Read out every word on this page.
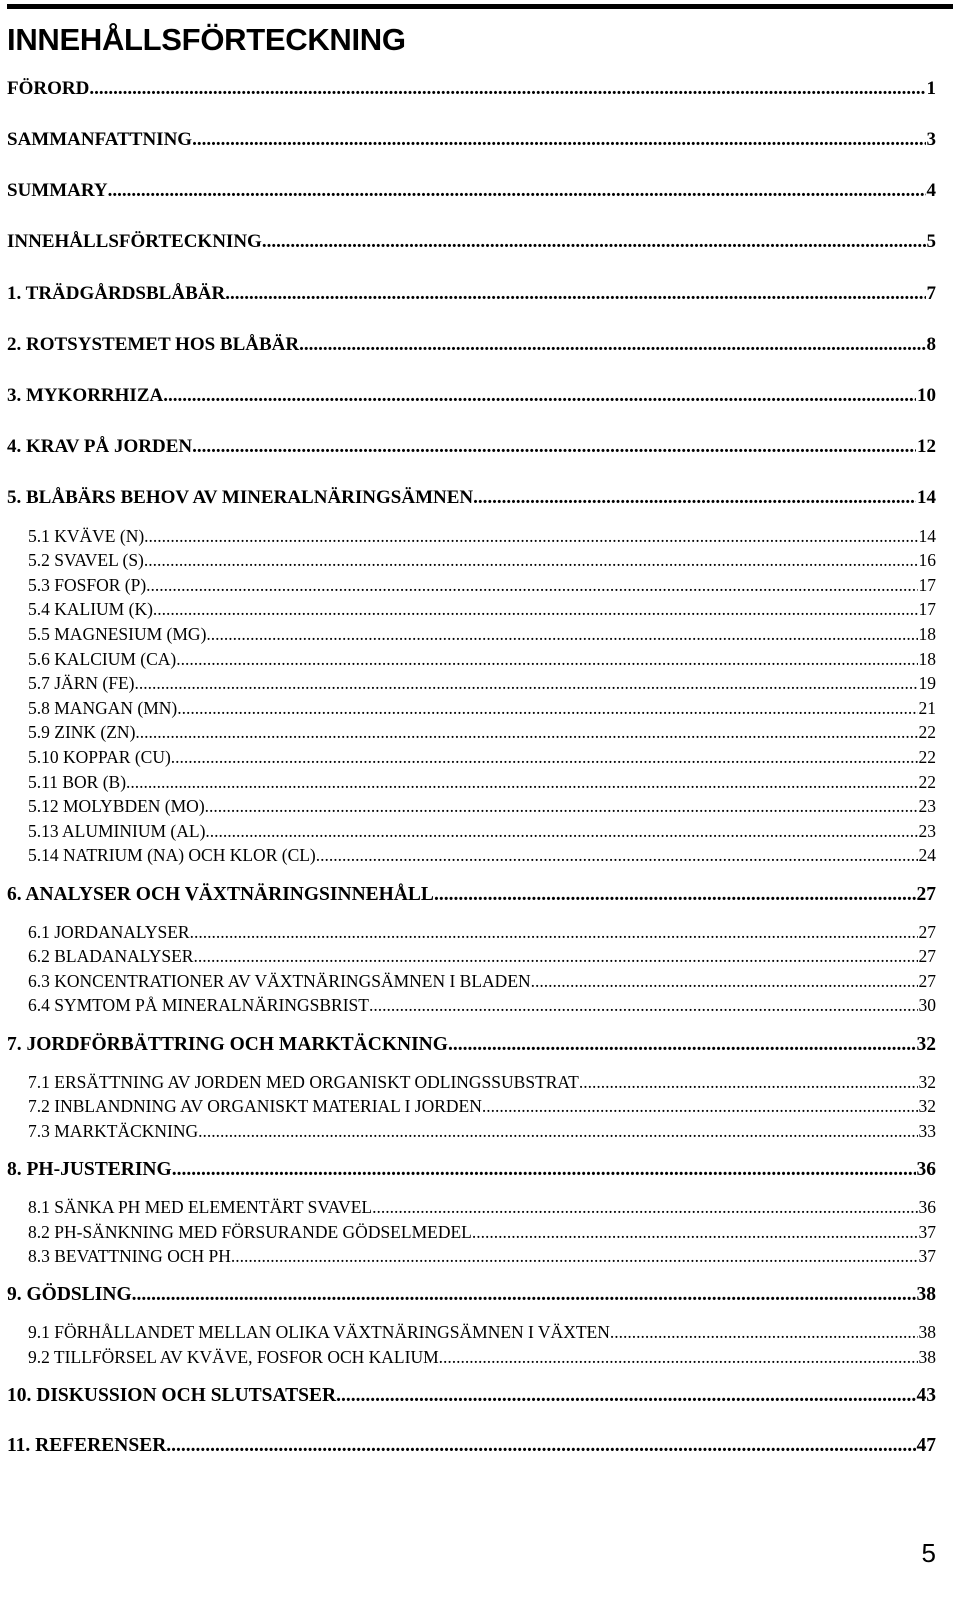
INNEHÅLLSFÖRTECKNING
FÖRORD .....	1
SAMMANFATTNING .....	3
SUMMARY .....	4
INNEHÅLLSFÖRTECKNING .....	5
1. TRÄDGÅRDSBLÅBÄR .....	7
2. ROTSYSTEMET HOS BLÅBÄR .....	8
3. MYKORRHIZA .....	10
4. KRAV PÅ JORDEN .....	12
5. BLÅBÄRS BEHOV AV MINERALNÄRINGSÄMNEN .....	14
5.1 KVÄVE (N) .....	14
5.2 SVAVEL (S) .....	16
5.3 FOSFOR (P) .....	17
5.4 KALIUM (K) .....	17
5.5 MAGNESIUM (MG) .....	18
5.6 KALCIUM (CA) .....	18
5.7 JÄRN (FE) .....	19
5.8 MANGAN (MN) .....	21
5.9 ZINK (ZN) .....	22
5.10 KOPPAR (CU) .....	22
5.11 BOR (B) .....	22
5.12 MOLYBDEN (MO) .....	23
5.13 ALUMINIUM (AL) .....	23
5.14 NATRIUM (NA) OCH KLOR (CL) .....	24
6. ANALYSER OCH VÄXTNÄRINGSINNEHÅLL .....	27
6.1 JORDANALYSER .....	27
6.2 BLADANALYSER .....	27
6.3 KONCENTRATIONER AV VÄXTNÄRINGSÄMNEN I BLADEN .....	27
6.4 SYMTOM PÅ MINERALNÄRINGSBRIST .....	30
7. JORDFÖRBÄTTRING OCH MARKTÄCKNING .....	32
7.1 ERSÄTTNING AV JORDEN MED ORGANISKT ODLINGSSUBSTRAT .....	32
7.2 INBLANDNING AV ORGANISKT MATERIAL I JORDEN .....	32
7.3 MARKTÄCKNING .....	33
8. PH-JUSTERING .....	36
8.1 SÄNKA PH MED ELEMENTÄRT SVAVEL .....	36
8.2 PH-SÄNKNING MED FÖRSURANDE GÖDSELMEDEL .....	37
8.3 BEVATTNING OCH PH .....	37
9. GÖDSLING .....	38
9.1 FÖRHÅLLANDET MELLAN OLIKA VÄXTNÄRINGSÄMNEN I VÄXTEN .....	38
9.2 TILLFÖRSEL AV KVÄVE, FOSFOR OCH KALIUM .....	38
10. DISKUSSION OCH SLUTSATSER .....	43
11. REFERENSER .....	47
5
